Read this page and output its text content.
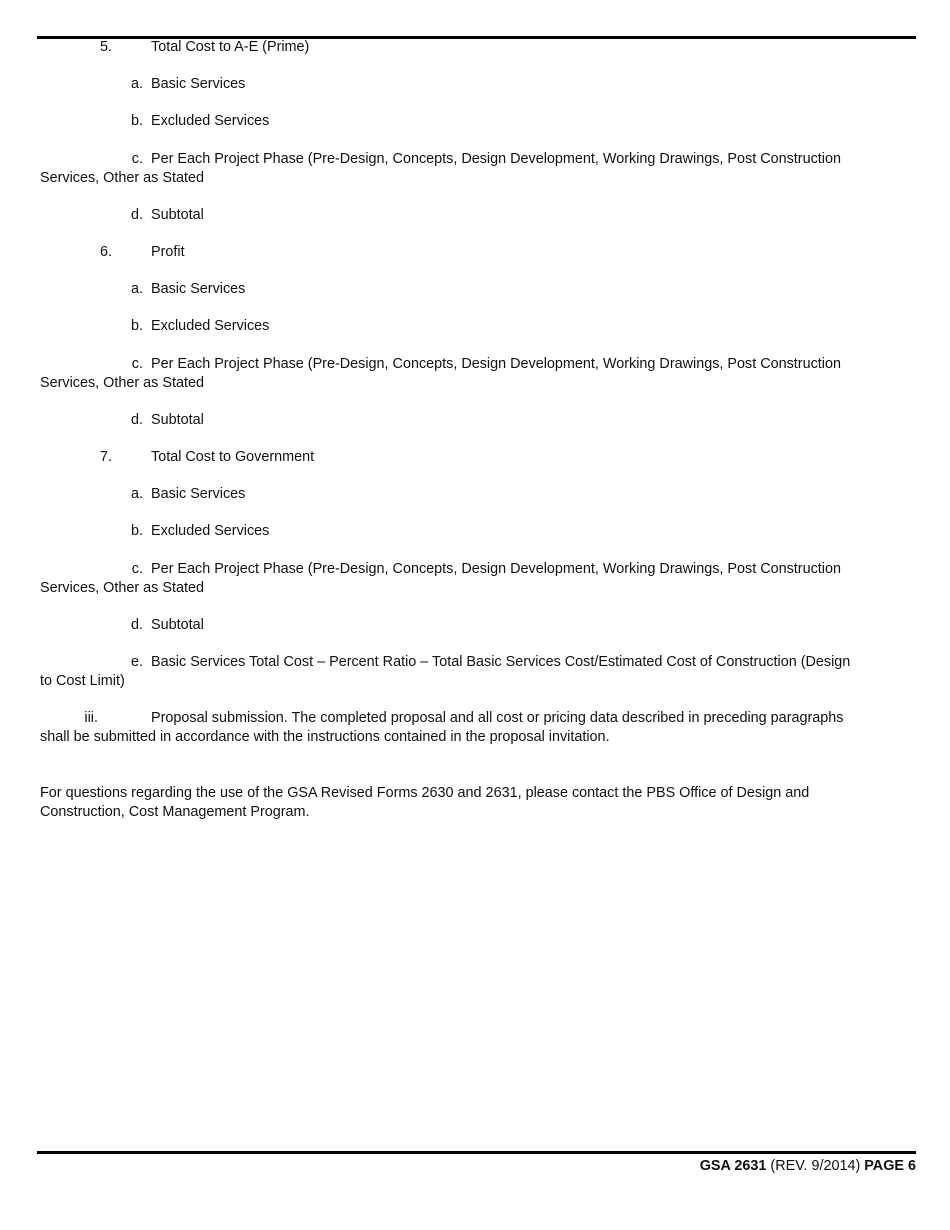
5.	Total Cost to A-E (Prime)
a. Basic Services
b. Excluded Services
c. Per Each Project Phase (Pre-Design, Concepts, Design Development, Working Drawings, Post Construction
Services, Other as Stated
d. Subtotal
6.	Profit
a. Basic Services
b. Excluded Services
c. Per Each Project Phase (Pre-Design, Concepts, Design Development, Working Drawings, Post Construction
Services, Other as Stated
d. Subtotal
7.	Total Cost to Government
a. Basic Services
b. Excluded Services
c. Per Each Project Phase (Pre-Design, Concepts, Design Development, Working Drawings, Post Construction
Services, Other as Stated
d. Subtotal
e. Basic Services Total Cost – Percent Ratio – Total Basic Services Cost/Estimated Cost of Construction (Design
to Cost Limit)
iii.	Proposal submission. The completed proposal and all cost or pricing data described in preceding paragraphs
shall be submitted in accordance with the instructions contained in the proposal invitation.
For questions regarding the use of the GSA Revised Forms 2630 and 2631, please contact the PBS Office of Design and
Construction, Cost Management Program.
GSA 2631 (REV. 9/2014) PAGE 6
